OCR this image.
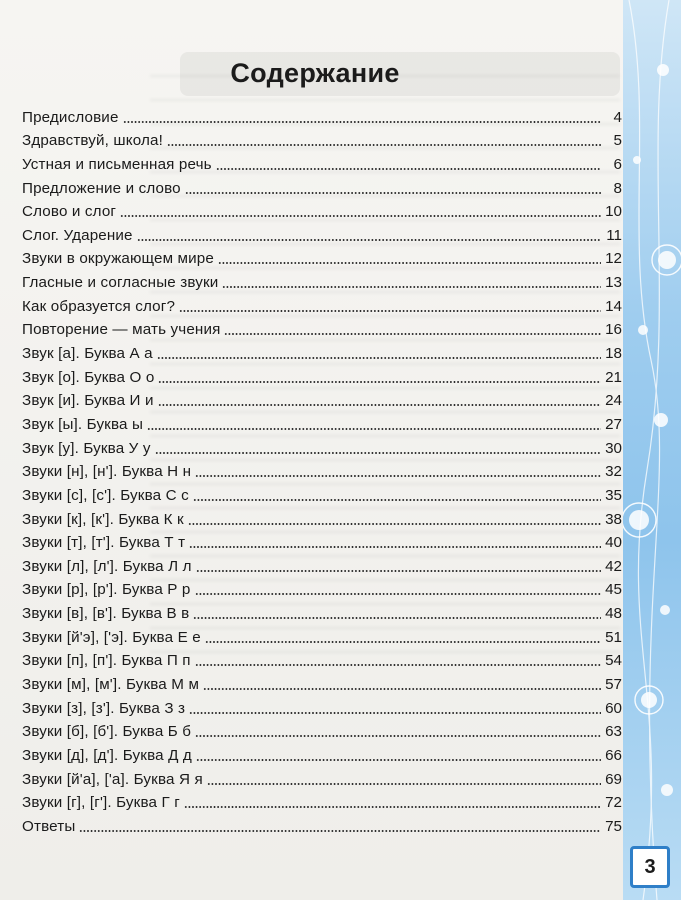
Содержание
Предисловие	4
Здравствуй, школа!	5
Устная и письменная речь	6
Предложение и слово	8
Слово и слог	10
Слог. Ударение	11
Звуки в окружающем мире	12
Гласные и согласные звуки	13
Как образуется слог?	14
Повторение — мать учения	16
Звук [а]. Буква А а	18
Звук [о]. Буква О о	21
Звук [и]. Буква И и	24
Звук [ы]. Буква ы	27
Звук [у]. Буква У у	30
Звуки [н], [н']. Буква Н н	32
Звуки [с], [с']. Буква С с	35
Звуки [к], [к']. Буква К к	38
Звуки [т], [т']. Буква Т т	40
Звуки [л], [л']. Буква Л л	42
Звуки [р], [р']. Буква Р р	45
Звуки [в], [в']. Буква В в	48
Звуки [й'э], ['э]. Буква Е е	51
Звуки [п], [п']. Буква П п	54
Звуки [м], [м']. Буква М м	57
Звуки [з], [з']. Буква З з	60
Звуки [б], [б']. Буква Б б	63
Звуки [д], [д']. Буква Д д	66
Звуки [й'а], ['а]. Буква Я я	69
Звуки [г], [г']. Буква Г г	72
Ответы	75
3
